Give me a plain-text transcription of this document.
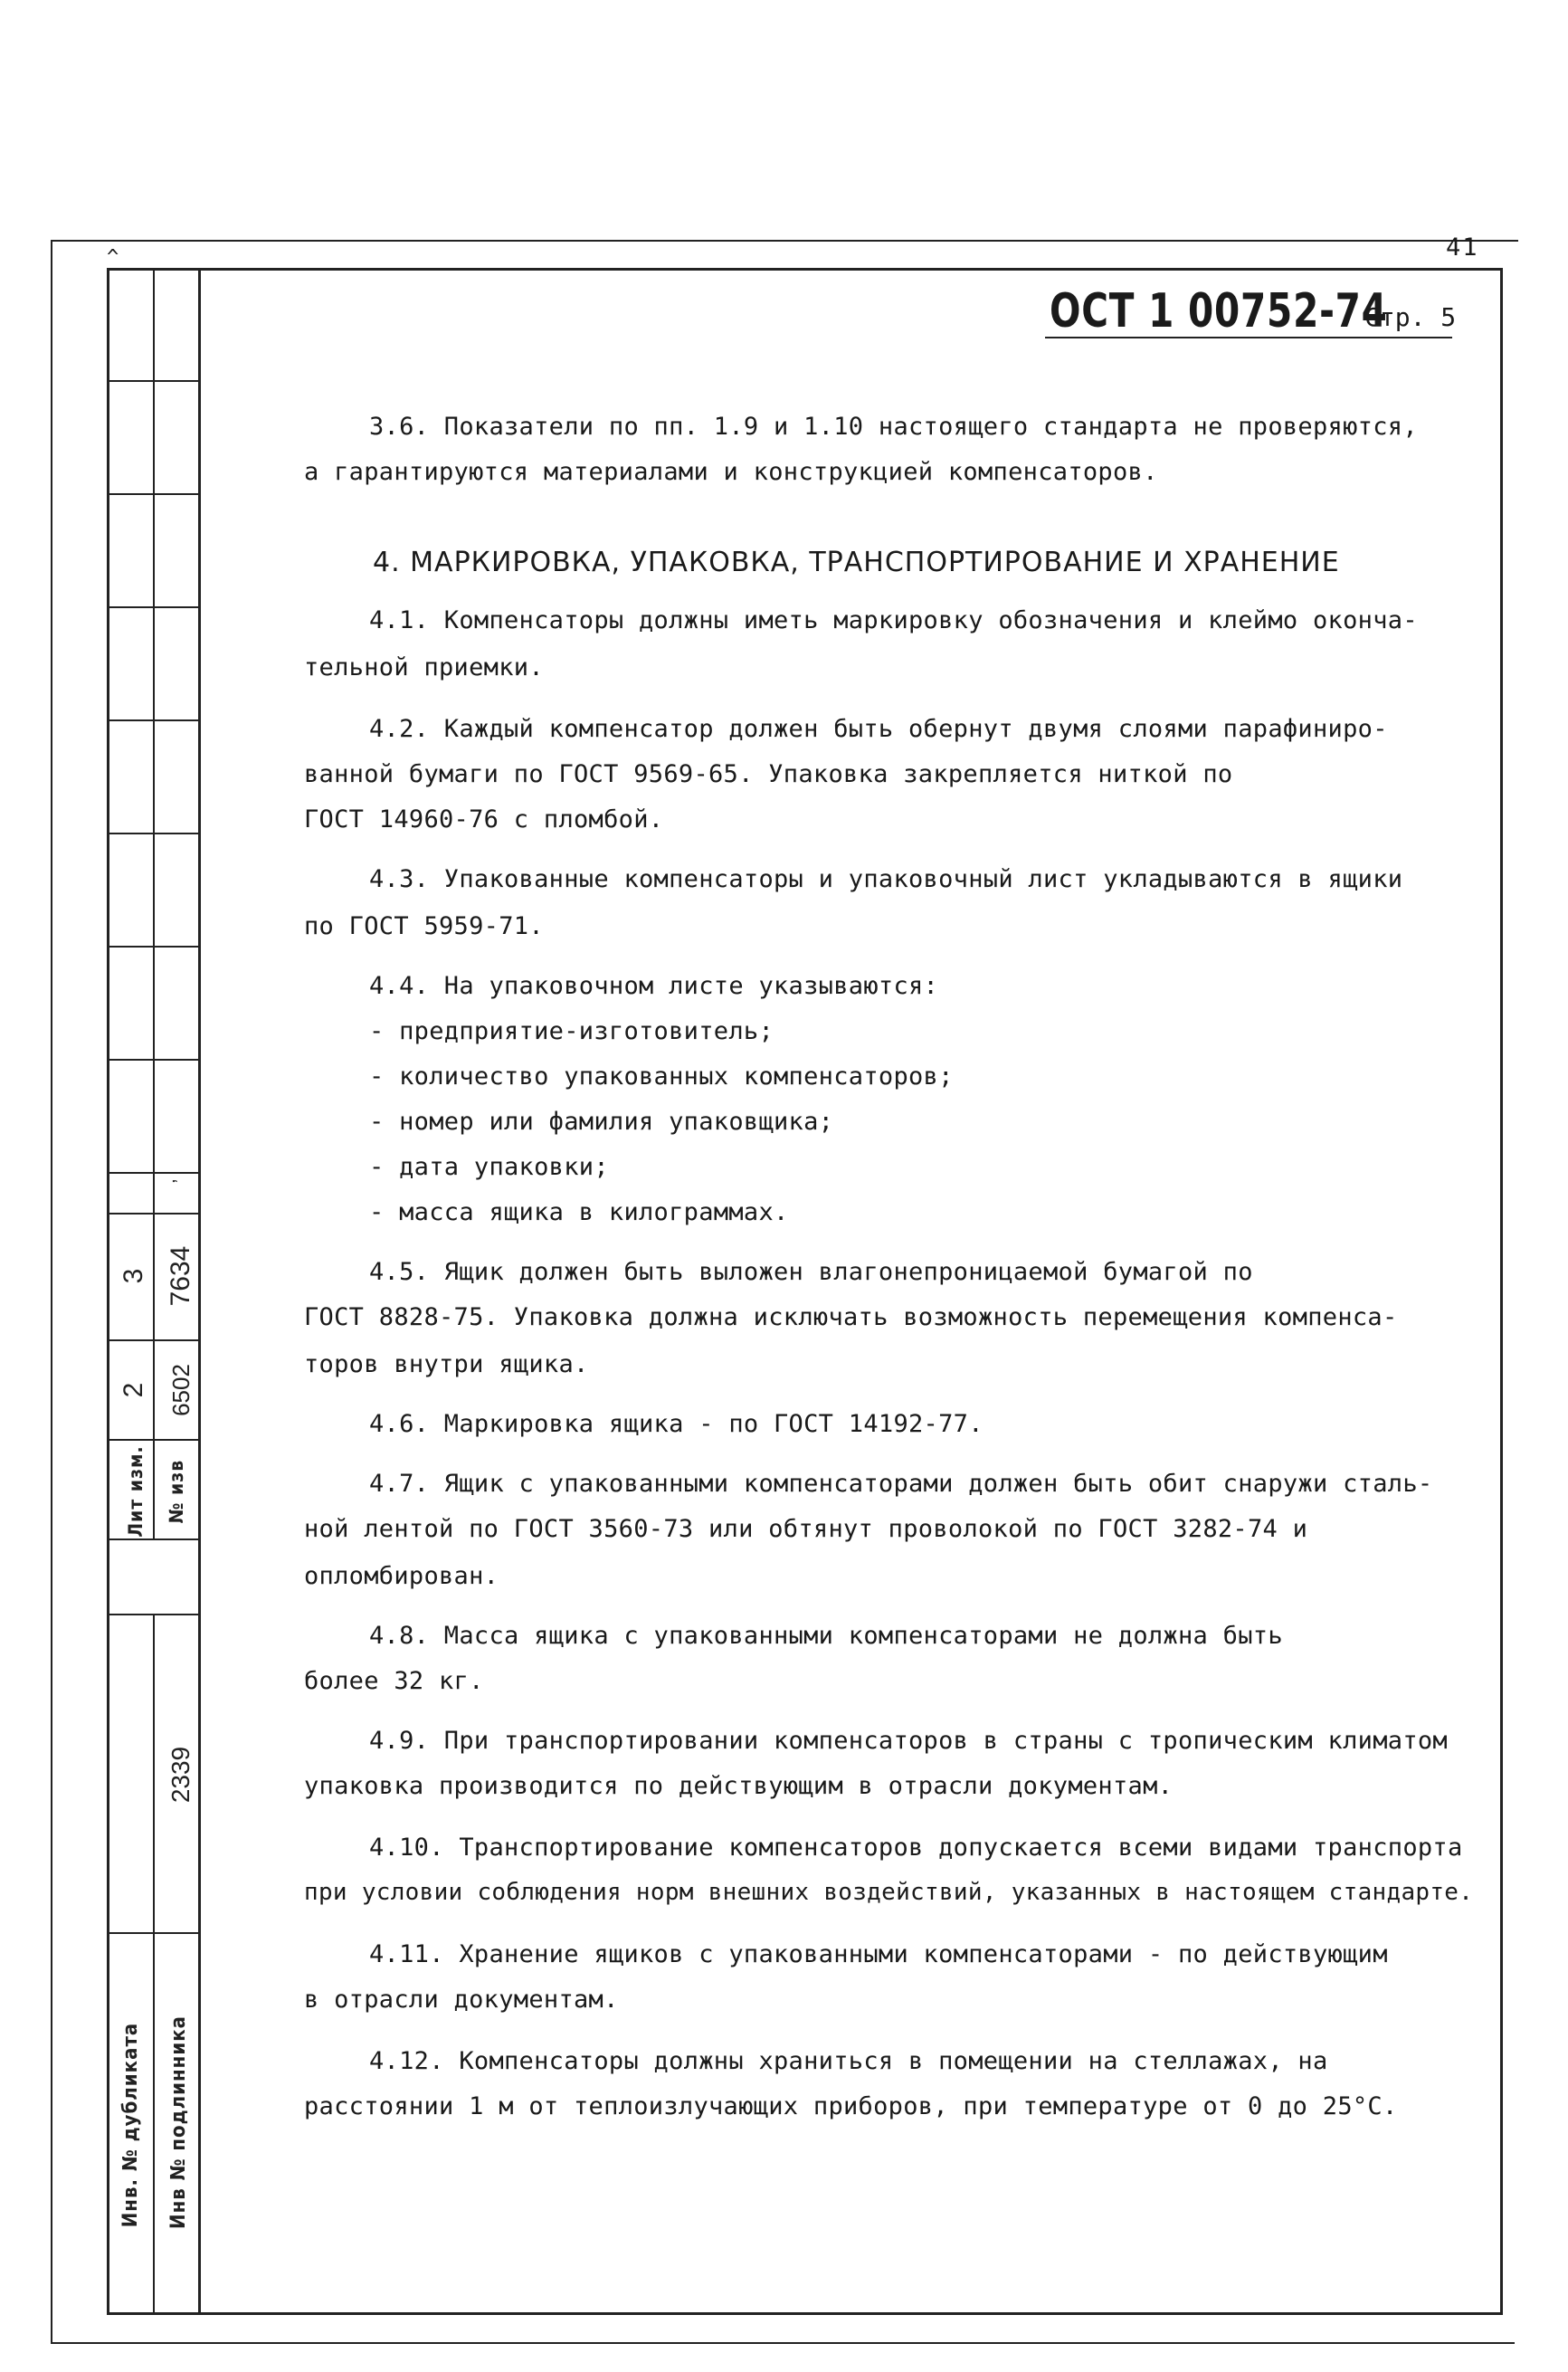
41
^
ʼ
3 7634
2 6502
Лит изм. № изв
2339
Инв. № дубликата Инв № подлинника
ОСТ 1 00752-74
Стр. 5
3.6. Показатели по пп. 1.9 и 1.10 настоящего стандарта не проверяются,
а гарантируются материалами и конструкцией компенсаторов.
4. МАРКИРОВКА, УПАКОВКА, ТРАНСПОРТИРОВАНИЕ И ХРАНЕНИЕ
4.1. Компенсаторы должны иметь маркировку обозначения и клеймо оконча-
тельной приемки.
4.2. Каждый компенсатор должен быть обернут двумя слоями парафиниро-
ванной бумаги по ГОСТ 9569-65. Упаковка закрепляется ниткой по
ГОСТ 14960-76 с пломбой.
4.3. Упакованные компенсаторы и упаковочный лист укладываются в ящики
по ГОСТ 5959-71.
4.4. На упаковочном листе указываются:
- предприятие-изготовитель;
- количество упакованных компенсаторов;
- номер или фамилия упаковщика;
- дата упаковки;
- масса ящика в килограммах.
4.5. Ящик должен быть выложен влагонепроницаемой бумагой по
ГОСТ 8828-75. Упаковка должна исключать возможность перемещения компенса-
торов внутри ящика.
4.6. Маркировка ящика - по ГОСТ 14192-77.
4.7. Ящик с упакованными компенсаторами должен быть обит снаружи сталь-
ной лентой по ГОСТ 3560-73 или обтянут проволокой по ГОСТ 3282-74 и
опломбирован.
4.8. Масса ящика с упакованными компенсаторами не должна быть
более 32 кг.
4.9. При транспортировании компенсаторов в страны с тропическим климатом
упаковка производится по действующим в отрасли документам.
4.10. Транспортирование компенсаторов допускается всеми видами транспорта
при условии соблюдения норм внешних воздействий, указанных в настоящем стандарте.
4.11. Хранение ящиков с упакованными компенсаторами - по действующим
в отрасли документам.
4.12. Компенсаторы должны храниться в помещении на стеллажах, на
расстоянии 1 м от теплоизлучающих приборов, при температуре от 0 до 25°С.
